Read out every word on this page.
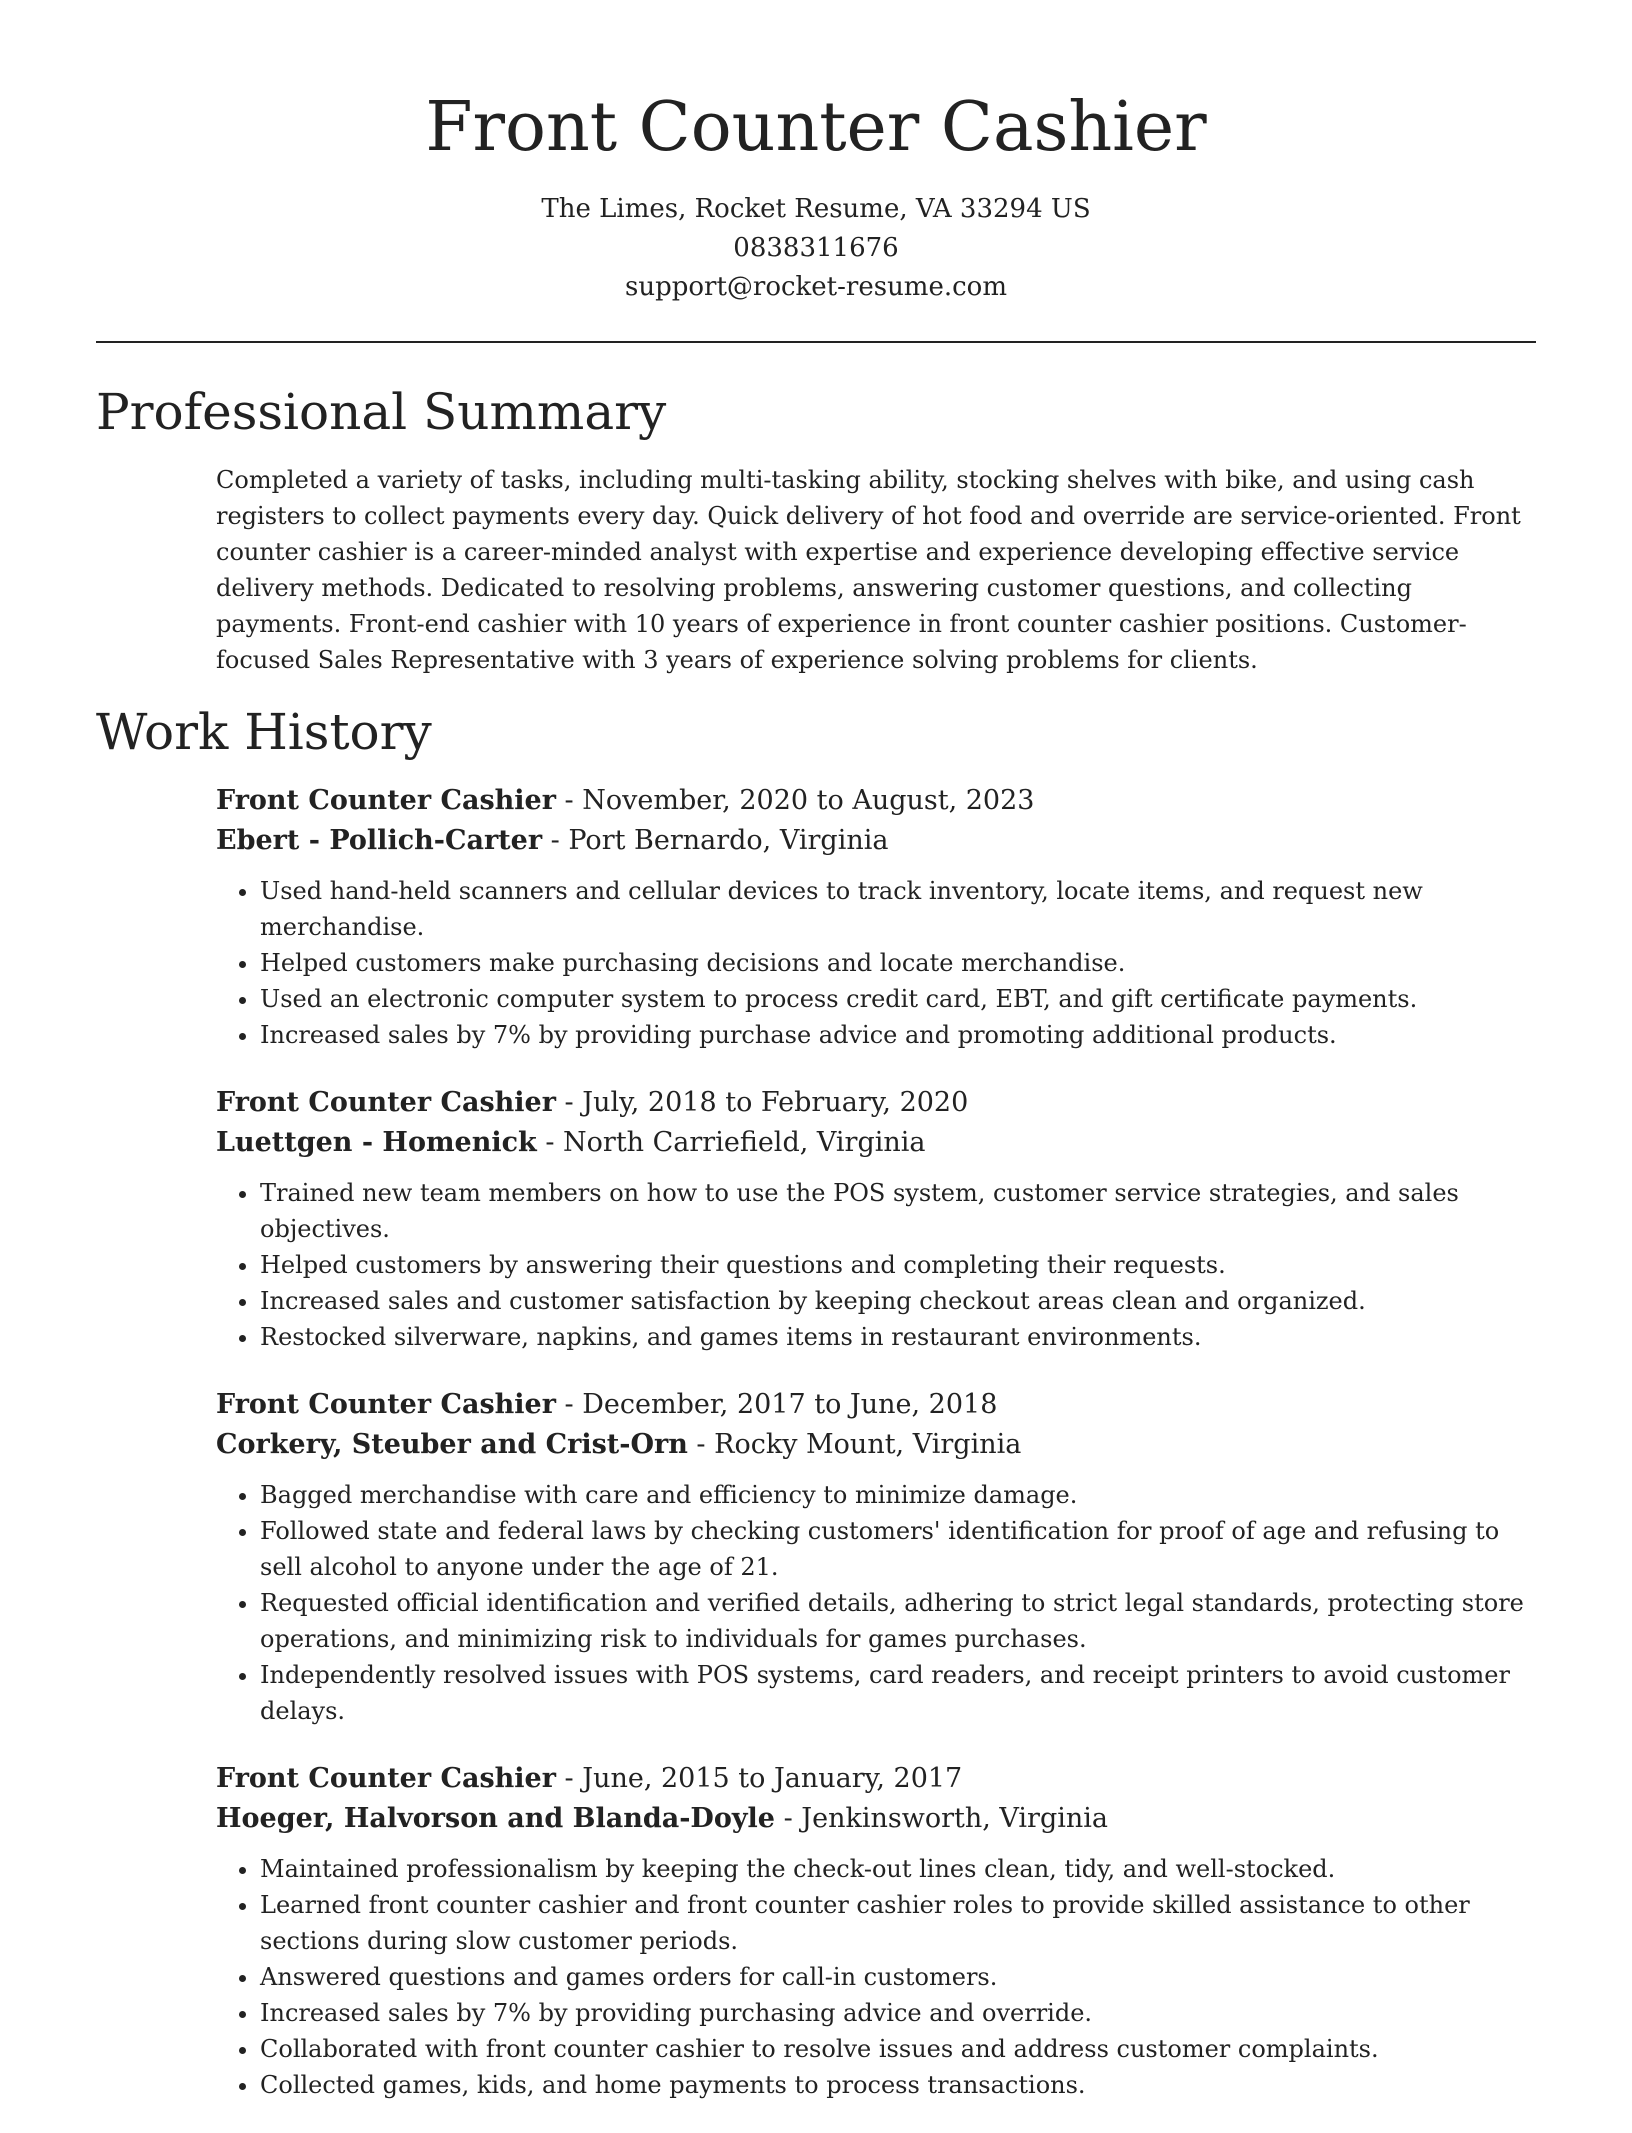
Front Counter Cashier
The Limes, Rocket Resume, VA 33294 US
0838311676
support@rocket-resume.com
Professional Summary

Completed a variety of tasks, including multi-tasking ability, stocking shelves with bike, and using cash registers to collect payments every day. Quick delivery of hot food and override are service-oriented. Front counter cashier is a career-minded analyst with expertise and experience developing effective service delivery methods. Dedicated to resolving problems, answering customer questions, and collecting payments. Front-end cashier with 10 years of experience in front counter cashier positions. Customer-focused Sales Representative with 3 years of experience solving problems for clients.

Work History
Front Counter Cashier - November, 2020 to August, 2023
Ebert - Pollich-Carter - Port Bernardo, Virginia
• Used hand-held scanners and cellular devices to track inventory, locate items, and request new merchandise.
• Helped customers make purchasing decisions and locate merchandise.
• Used an electronic computer system to process credit card, EBT, and gift certificate payments.
• Increased sales by 7% by providing purchase advice and promoting additional products.
Front Counter Cashier - July, 2018 to February, 2020
Luettgen - Homenick - North Carriefield, Virginia
• Trained new team members on how to use the POS system, customer service strategies, and sales objectives.
• Helped customers by answering their questions and completing their requests.
• Increased sales and customer satisfaction by keeping checkout areas clean and organized.
• Restocked silverware, napkins, and games items in restaurant environments.
Front Counter Cashier - December, 2017 to June, 2018
Corkery, Steuber and Crist-Orn - Rocky Mount, Virginia
• Bagged merchandise with care and efficiency to minimize damage.
• Followed state and federal laws by checking customers' identification for proof of age and refusing to sell alcohol to anyone under the age of 21.
• Requested official identification and verified details, adhering to strict legal standards, protecting store operations, and minimizing risk to individuals for games purchases.
• Independently resolved issues with POS systems, card readers, and receipt printers to avoid customer delays.
Front Counter Cashier - June, 2015 to January, 2017
Hoeger, Halvorson and Blanda-Doyle - Jenkinsworth, Virginia
• Maintained professionalism by keeping the check-out lines clean, tidy, and well-stocked.
• Learned front counter cashier and front counter cashier roles to provide skilled assistance to other sections during slow customer periods.
• Answered questions and games orders for call-in customers.
• Increased sales by 7% by providing purchasing advice and override.
• Collaborated with front counter cashier to resolve issues and address customer complaints.
• Collected games, kids, and home payments to process transactions.
